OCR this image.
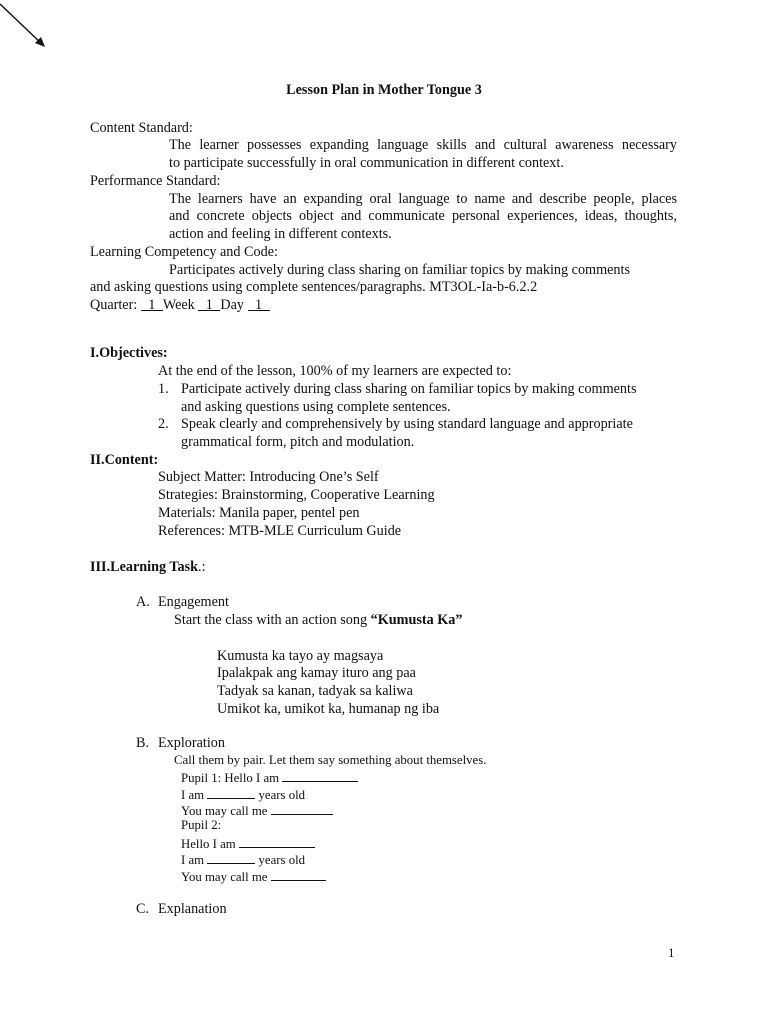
Lesson Plan in Mother Tongue 3
Content Standard:
The learner possesses expanding language skills and cultural awareness necessary
to participate successfully in oral communication in different context.
Performance Standard:
The learners have an expanding oral language to name and describe people, places
and concrete objects object and communicate personal experiences, ideas, thoughts,
action and feeling in different contexts.
Learning Competency and Code:
Participates actively during class sharing on familiar topics by making comments
and asking questions using complete sentences/paragraphs. MT3OL-Ia-b-6.2.2
Quarter: 1 Week 1 Day 1
I.Objectives:
At the end of the lesson, 100% of my learners are expected to:
1. Participate actively during class sharing on familiar topics by making comments
and asking questions using complete sentences.
2. Speak clearly and comprehensively by using standard language and appropriate
grammatical form, pitch and modulation.
II.Content:
Subject Matter: Introducing One’s Self
Strategies: Brainstorming, Cooperative Learning
Materials: Manila paper, pentel pen
References: MTB-MLE Curriculum Guide
III.Learning Task.:
A. Engagement
Start the class with an action song “Kumusta Ka”
Kumusta ka tayo ay magsaya
Ipalakpak ang kamay ituro ang paa
Tadyak sa kanan, tadyak sa kaliwa
Umikot ka, umikot ka, humanap ng iba
B. Exploration
Call them by pair. Let them say something about themselves.
Pupil 1: Hello I am
I am	years old
You may call me
Pupil 2:
Hello I am
I am	years old
You may call me
C. Explanation
1
